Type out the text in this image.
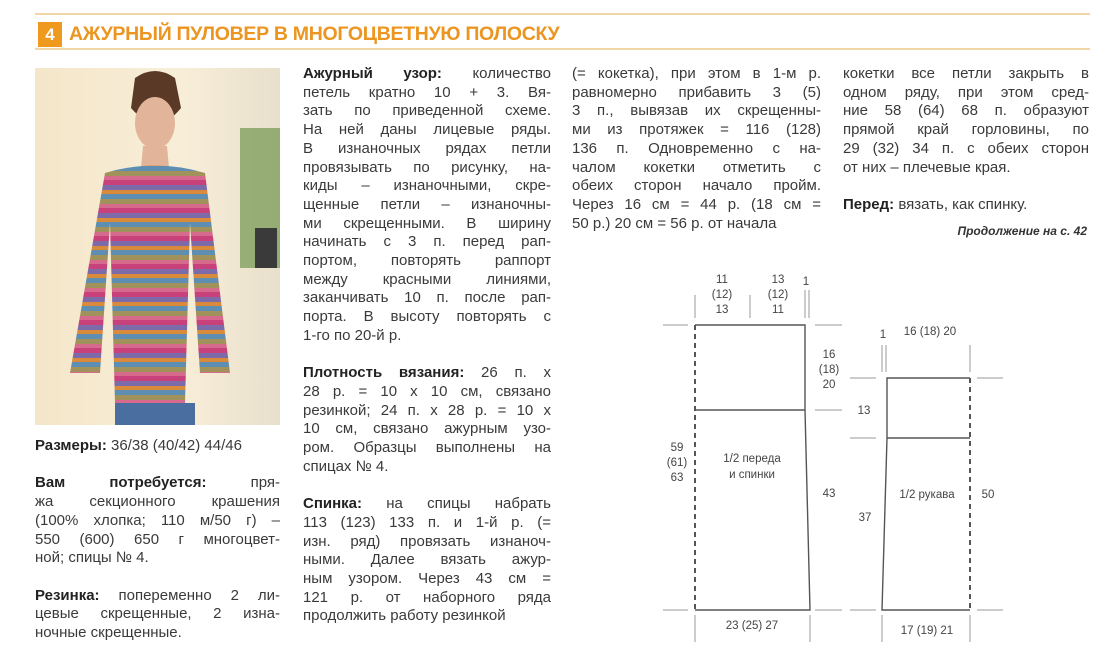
4 АЖУРНЫЙ ПУЛОВЕР В МНОГОЦВЕТНУЮ ПОЛОСКУ
Размеры: 36/38 (40/42) 44/46
Вам потребуется: пря-
жа секционного крашения
(100% хлопка; 110 м/50 г) –
550 (600) 650 г многоцвет-
ной; спицы № 4.
Резинка: попеременно 2 ли-
цевые скрещенные, 2 изна-
ночные скрещенные.
Ажурный узор: количество
петель кратно 10 + 3. Вя-
зать по приведенной схеме.
На ней даны лицевые ряды.
В изнаночных рядах петли
провязывать по рисунку, на-
киды – изнаночными, скре-
щенные петли – изнаночны-
ми скрещенными. В ширину
начинать с 3 п. перед рап-
портом, повторять раппорт
между красными линиями,
заканчивать 10 п. после рап-
порта. В высоту повторять с
1-го по 20-й р.
Плотность вязания: 26 п. х
28 р. = 10 х 10 см, связано
резинкой; 24 п. х 28 р. = 10 х
10 см, связано ажурным узо-
ром. Образцы выполнены на
спицах № 4.
Спинка: на спицы набрать
113 (123) 133 п. и 1-й р. (=
изн. ряд) провязать изнаноч-
ными. Далее вязать ажур-
ным узором. Через 43 см =
121 р. от наборного ряда
продолжить работу резинкой
(= кокетка), при этом в 1-м р.
равномерно прибавить 3 (5)
3 п., вывязав их скрещенны-
ми из протяжек = 116 (128)
136 п. Одновременно с на-
чалом кокетки отметить с
обеих сторон начало пройм.
Через 16 см = 44 р. (18 см =
50 р.) 20 см = 56 р. от начала
кокетки все петли закрыть в
одном ряду, при этом сред-
ние 58 (64) 68 п. образуют
прямой край горловины, по
29 (32) 34 п. с обеих сторон
от них – плечевые края.
Перед: вязать, как спинку.
Продолжение на с. 42
11
(12)
13
13
(12)
11
1
16
(18)
20
43
59
(61)
63
1/2 переда
и спинки
23 (25) 27
1 16 (18) 20
13
37
1/2 рукава 50
17 (19) 21
